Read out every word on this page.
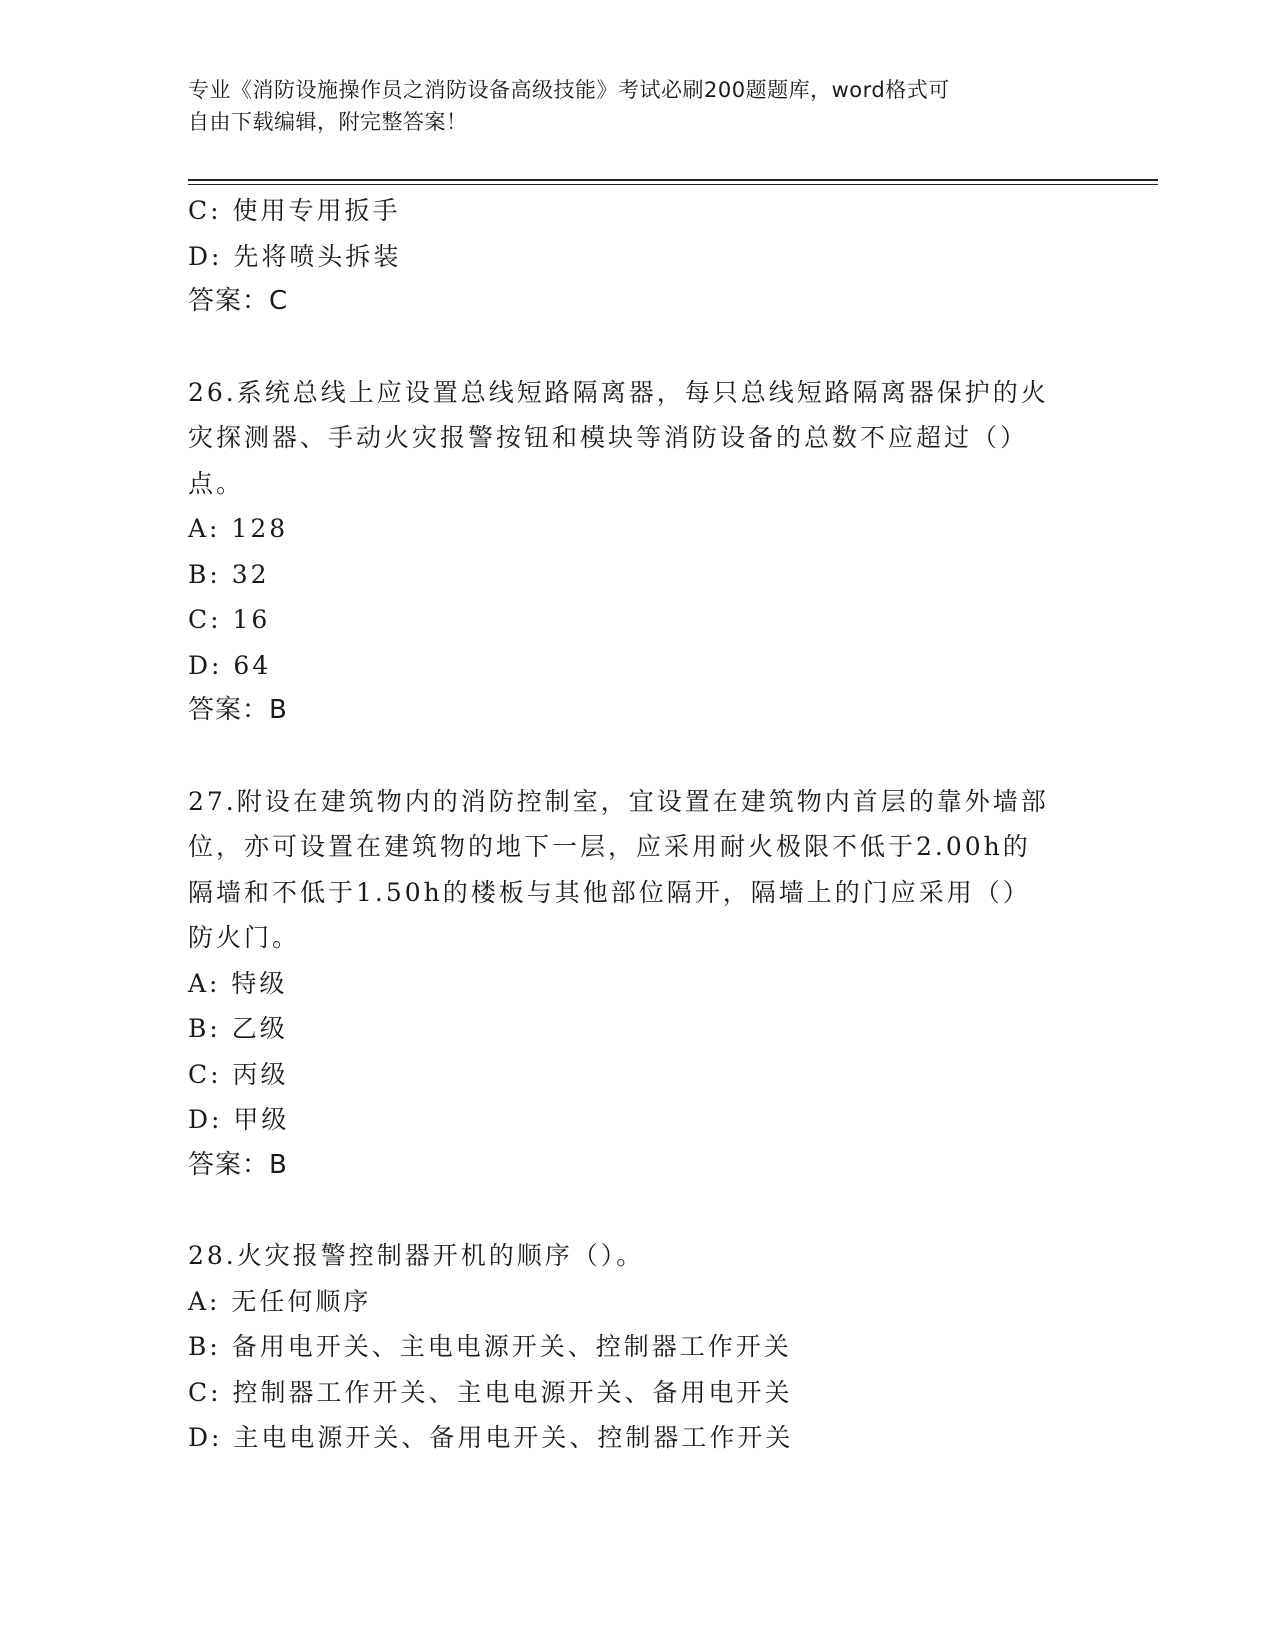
专业《消防设施操作员之消防设备高级技能》考试必刷200题题库，word格式可

自由下载编辑，附完整答案！

C: 使用专用扳手
D: 先将喷头拆装
答案：C
26.系统总线上应设置总线短路隔离器，每只总线短路隔离器保护的火
灾探测器、手动火灾报警按钮和模块等消防设备的总数不应超过（）
点。
A: 128
B: 32
C: 16
D: 64
答案：B
27.附设在建筑物内的消防控制室，宜设置在建筑物内首层的靠外墙部
位，亦可设置在建筑物的地下一层，应采用耐火极限不低于2.00h的
隔墙和不低于1.50h的楼板与其他部位隔开，隔墙上的门应采用（）
防火门。
A: 特级
B: 乙级
C: 丙级
D: 甲级
答案：B
28.火灾报警控制器开机的顺序（）。
A: 无任何顺序
B: 备用电开关、主电电源开关、控制器工作开关
C: 控制器工作开关、主电电源开关、备用电开关
D: 主电电源开关、备用电开关、控制器工作开关
